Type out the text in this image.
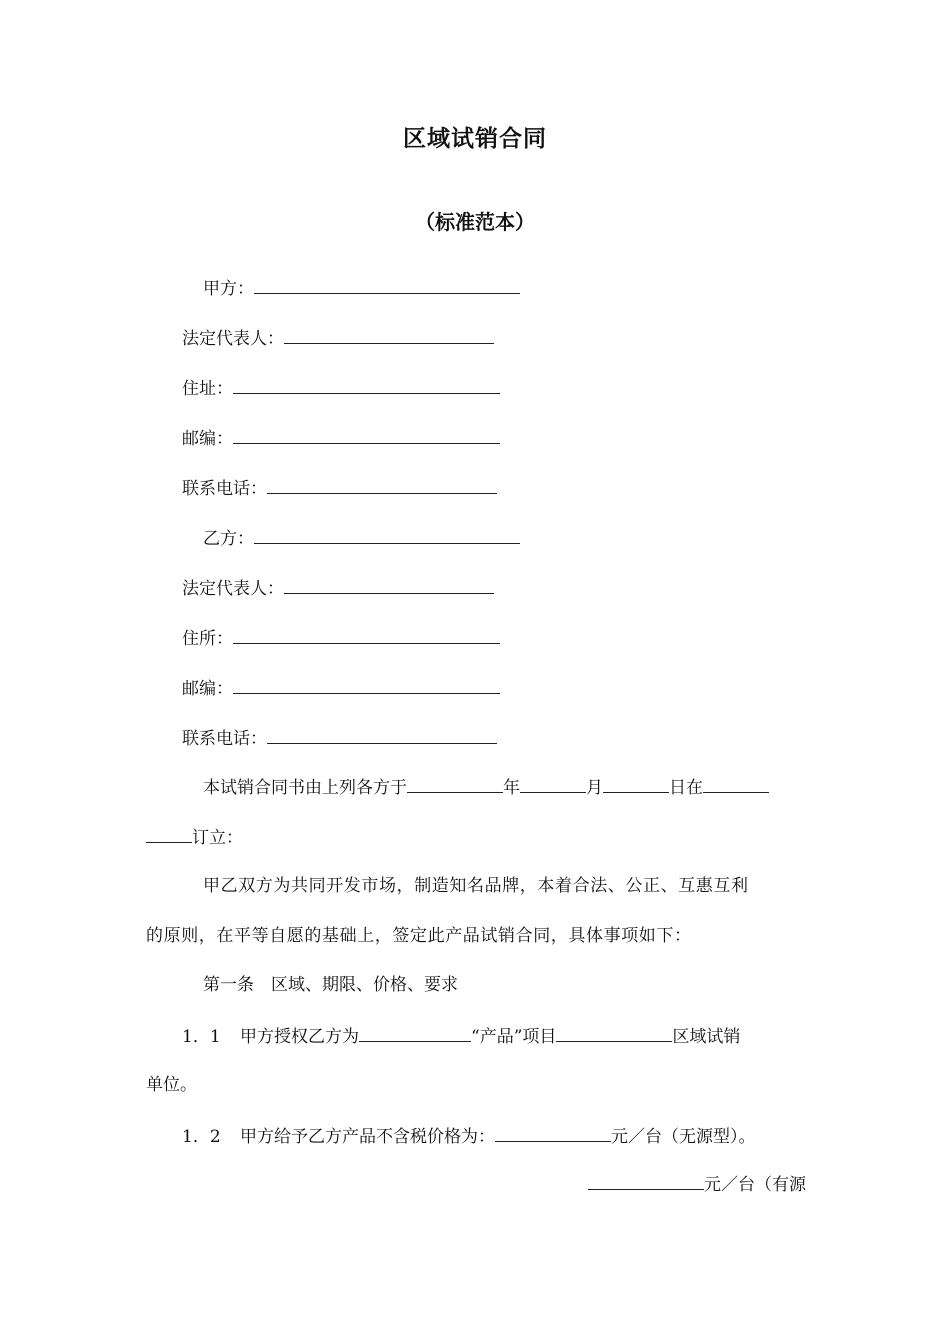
区域试销合同
（标准范本）
甲方：
法定代表人：
住址：
邮编：
联系电话：
乙方：
法定代表人：
住所：
邮编：
联系电话：
本试销合同书由上列各方于	年	月	日在
订立：
甲乙双方为共同开发市场，制造知名品牌，本着合法、公正、互惠互利
的原则，在平等自愿的基础上，签定此产品试销合同，具体事项如下：
第一条　区域、期限、价格、要求
1．1 甲方授权乙方为	“产品”项目	区域试销
单位。
1．2 甲方给予乙方产品不含税价格为：	元／台（无源型）。
元／台（有源
